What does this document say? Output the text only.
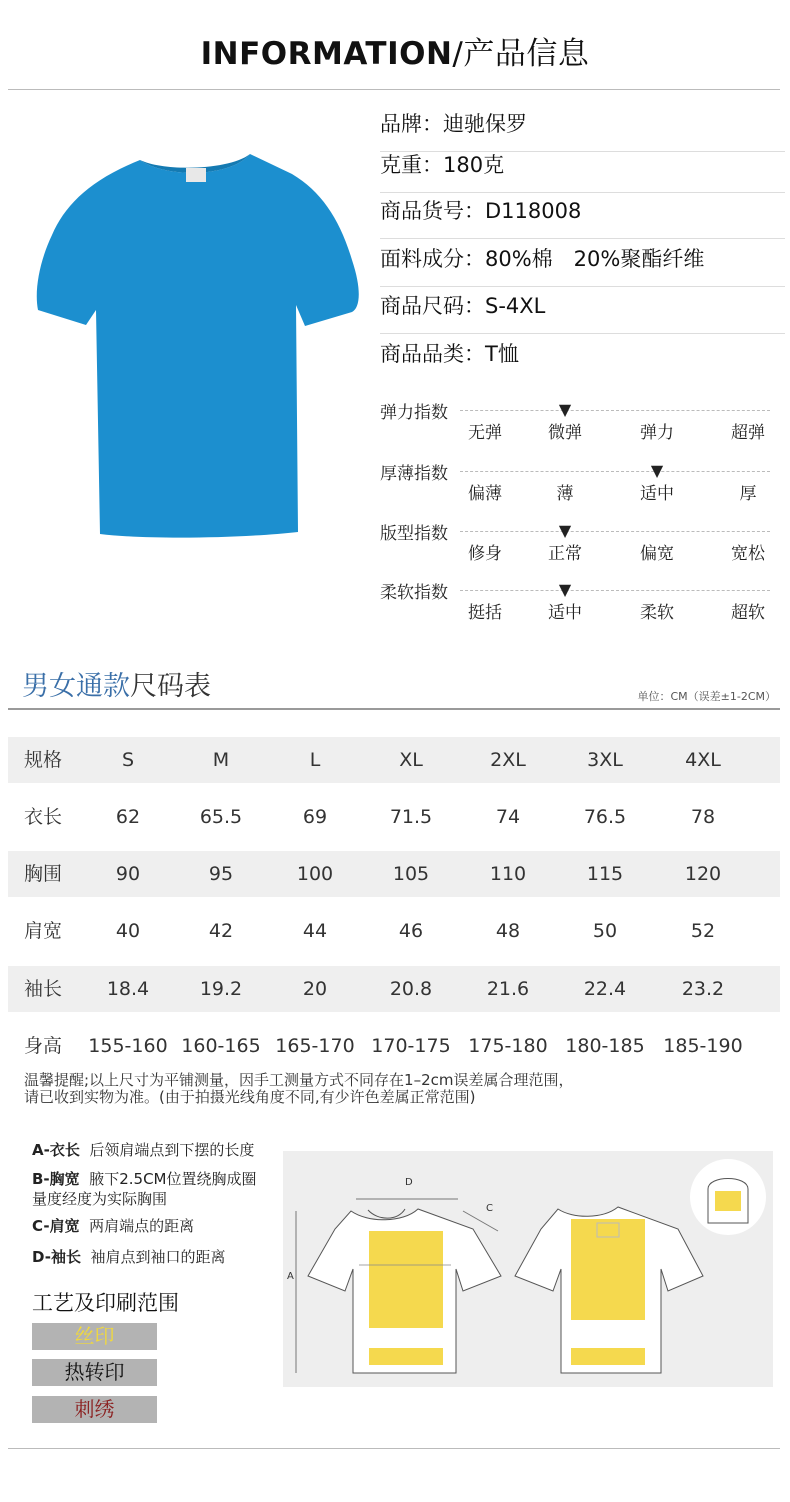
INFORMATION/产品信息
品牌：迪驰保罗
克重：180克
商品货号：D118008
面料成分：80%棉　20%聚酯纤维
商品尺码：S-4XL
商品品类：T恤
弹力指数
无弹	微弹	弹力	超弹
▼
厚薄指数
偏薄	薄	适中	厚
▼
版型指数
修身	正常	偏宽	宽松
▼
柔软指数
挺括	适中	柔软	超软
▼
男女通款尺码表	单位：CM（误差±1-2CM）
规格	S	M	L	XL	2XL	3XL	4XL
衣长	62	65.5	69	71.5	74	76.5	78
胸围	90	95	100	105	110	115	120
肩宽	40	42	44	46	48	50	52
袖长	18.4	19.2	20	20.8	21.6	22.4	23.2
身高	155-160 160-165 165-170 170-175 175-180 180-185 185-190
温馨提醒;以上尺寸为平铺测量，因手工测量方式不同存在1–2cm误差属合理范围，
请已收到实物为准。(由于拍摄光线角度不同,有少许色差属正常范围)
A-衣长 后领肩端点到下摆的长度
B-胸宽 腋下2.5CM位置绕胸成圈
量度经度为实际胸围
C-肩宽 两肩端点的距离
D-袖长 袖肩点到袖口的距离
工艺及印刷范围
丝印
热转印
刺绣
D
C
A
